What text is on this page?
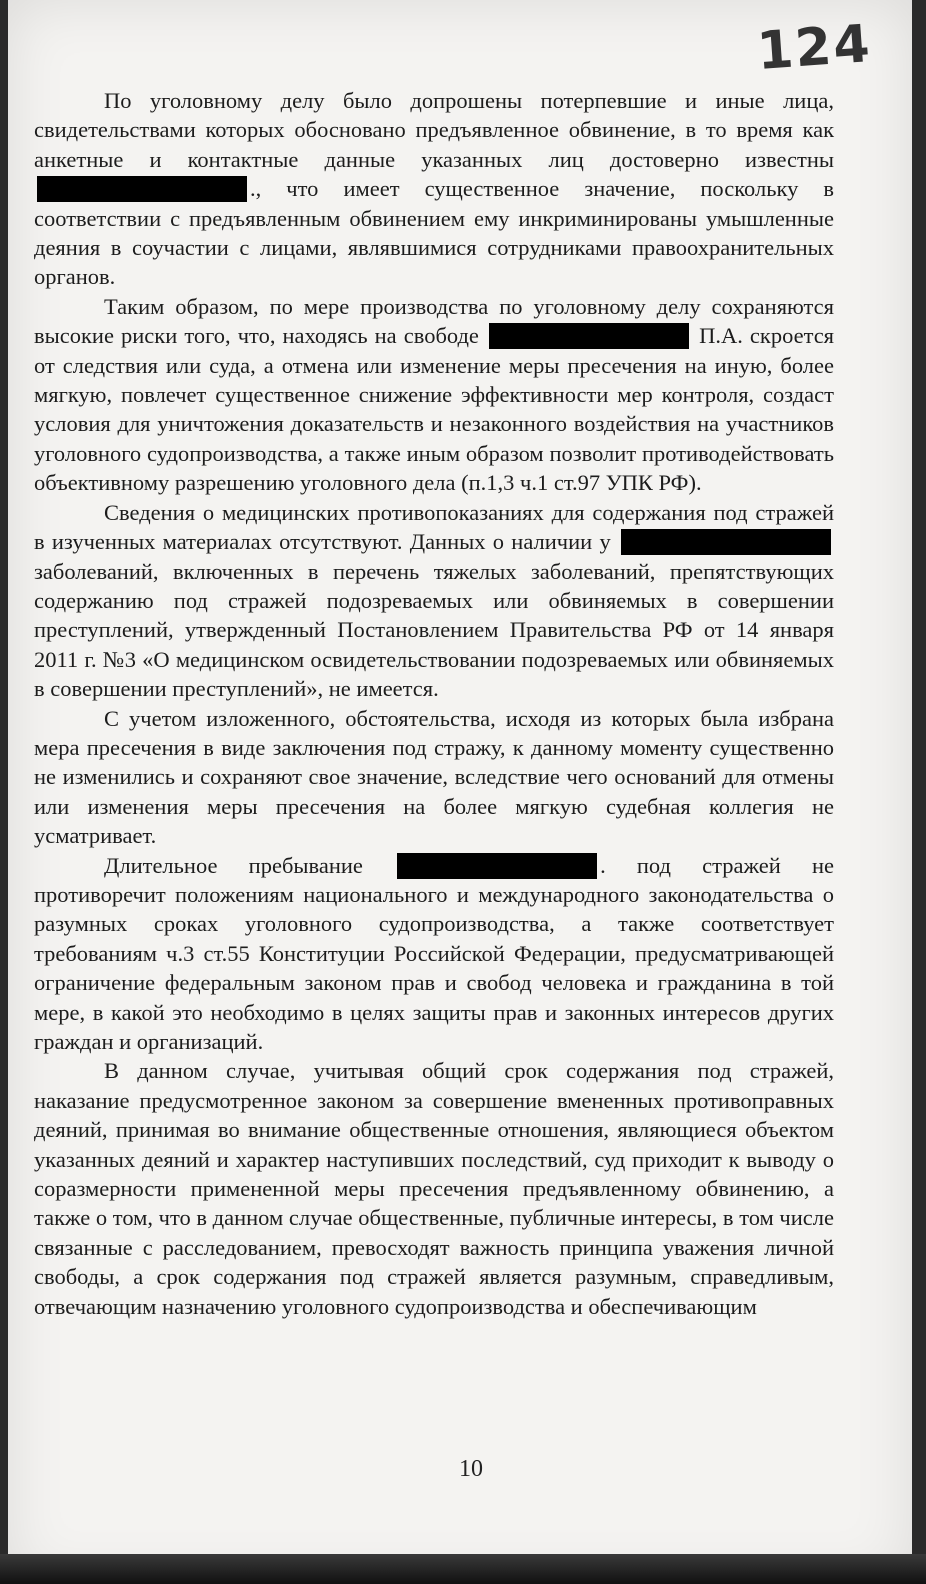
124

По уголовному делу было допрошены потерпевшие и иные лица, свидетельствами которых обосновано предъявленное обвинение, в то время как анкетные и контактные данные указанных лиц достоверно известны ., что имеет существенное значение, поскольку в соответствии с предъявленным обвинением ему инкриминированы умышленные деяния в соучастии с лицами, являвшимися сотрудниками правоохранительных органов.

Таким образом, по мере производства по уголовному делу сохраняются высокие риски того, что, находясь на свободе	П.А. скроется от следствия или суда, а отмена или изменение меры пресечения на иную, более мягкую, повлечет существенное снижение эффективности мер контроля, создаст условия для уничтожения доказательств и незаконного воздействия на участников уголовного судопроизводства, а также иным образом позволит противодействовать объективному разрешению уголовного дела (п.1,3 ч.1 ст.97 УПК РФ).

Сведения о медицинских противопоказаниях для содержания под стражей в изученных материалах отсутствуют. Данных о наличии у  заболеваний, включенных в перечень тяжелых заболеваний, препятствующих содержанию под стражей подозреваемых или обвиняемых в совершении преступлений, утвержденный Постановлением Правительства РФ от 14 января 2011 г. №3 «О медицинском освидетельствовании подозреваемых или обвиняемых в совершении преступлений», не имеется.

С учетом изложенного, обстоятельства, исходя из которых была избрана мера пресечения в виде заключения под стражу, к данному моменту существенно не изменились и сохраняют свое значение, вследствие чего оснований для отмены или изменения меры пресечения на более мягкую судебная коллегия не усматривает.

Длительное пребывание	. под стражей не противоречит положениям национального и международного законодательства о разумных сроках уголовного судопроизводства, а также соответствует требованиям ч.3 ст.55 Конституции Российской Федерации, предусматривающей ограничение федеральным законом прав и свобод человека и гражданина в той мере, в какой это необходимо в целях защиты прав и законных интересов других граждан и организаций.

В данном случае, учитывая общий срок содержания под стражей, наказание предусмотренное законом за совершение вмененных противоправных деяний, принимая во внимание общественные отношения, являющиеся объектом указанных деяний и характер наступивших последствий, суд приходит к выводу о соразмерности примененной меры пресечения предъявленному обвинению, а также о том, что в данном случае общественные, публичные интересы, в том числе связанные с расследованием, превосходят важность принципа уважения личной свободы, а срок содержания под стражей является разумным, справедливым, отвечающим назначению уголовного судопроизводства и обеспечивающим

10
